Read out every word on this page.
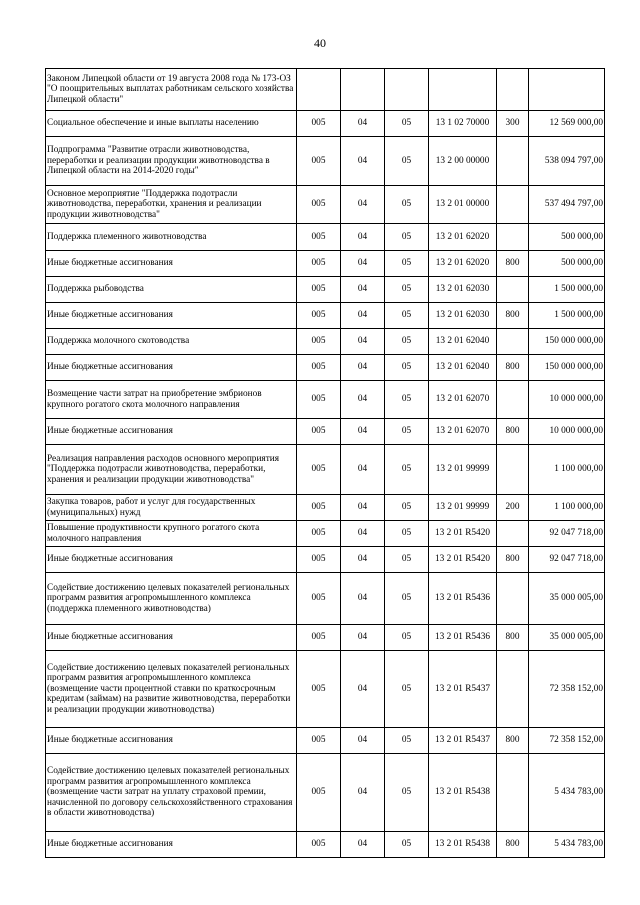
40
Законом Липецкой области от 19 августа 2008 года № 173-ОЗ "О поощрительных выплатах работникам сельского хозяйства Липецкой области"						
Социальное обеспечение и иные выплаты населению	005	04	05	13 1 02 70000	300	12 569 000,00
Подпрограмма "Развитие отрасли животноводства, переработки и реализации продукции животноводства в Липецкой области на 2014-2020 годы"	005	04	05	13 2 00 00000		538 094 797,00
Основное мероприятие "Поддержка подотрасли животноводства, переработки, хранения и реализации продукции животноводства"	005	04	05	13 2 01 00000		537 494 797,00
Поддержка племенного животноводства	005	04	05	13 2 01 62020		500 000,00
Иные бюджетные ассигнования	005	04	05	13 2 01 62020	800	500 000,00
Поддержка рыбоводства	005	04	05	13 2 01 62030		1 500 000,00
Иные бюджетные ассигнования	005	04	05	13 2 01 62030	800	1 500 000,00
Поддержка молочного скотоводства	005	04	05	13 2 01 62040		150 000 000,00
Иные бюджетные ассигнования	005	04	05	13 2 01 62040	800	150 000 000,00
Возмещение части затрат на приобретение эмбрионов крупного рогатого скота молочного направления	005	04	05	13 2 01 62070		10 000 000,00
Иные бюджетные ассигнования	005	04	05	13 2 01 62070	800	10 000 000,00
Реализация направления расходов основного мероприятия "Поддержка подотрасли животноводства, переработки, хранения и реализации продукции животноводства"	005	04	05	13 2 01 99999		1 100 000,00
Закупка товаров, работ и услуг для государственных (муниципальных) нужд	005	04	05	13 2 01 99999	200	1 100 000,00
Повышение продуктивности крупного рогатого скота молочного направления	005	04	05	13 2 01 R5420		92 047 718,00
Иные бюджетные ассигнования	005	04	05	13 2 01 R5420	800	92 047 718,00
Содействие достижению целевых показателей региональных программ развития агропромышленного комплекса (поддержка племенного животноводства)	005	04	05	13 2 01 R5436		35 000 005,00
Иные бюджетные ассигнования	005	04	05	13 2 01 R5436	800	35 000 005,00
Содействие достижению целевых показателей региональных программ развития агропромышленного комплекса (возмещение части процентной ставки по краткосрочным кредитам (займам) на развитие животноводства, переработки и реализации продукции животноводства)	005	04	05	13 2 01 R5437		72 358 152,00
Иные бюджетные ассигнования	005	04	05	13 2 01 R5437	800	72 358 152,00
Содействие достижению целевых показателей региональных программ развития агропромышленного комплекса (возмещение части затрат на уплату страховой премии, начисленной по договору сельскохозяйственного страхования в области животноводства)	005	04	05	13 2 01 R5438		5 434 783,00
Иные бюджетные ассигнования	005	04	05	13 2 01 R5438	800	5 434 783,00
